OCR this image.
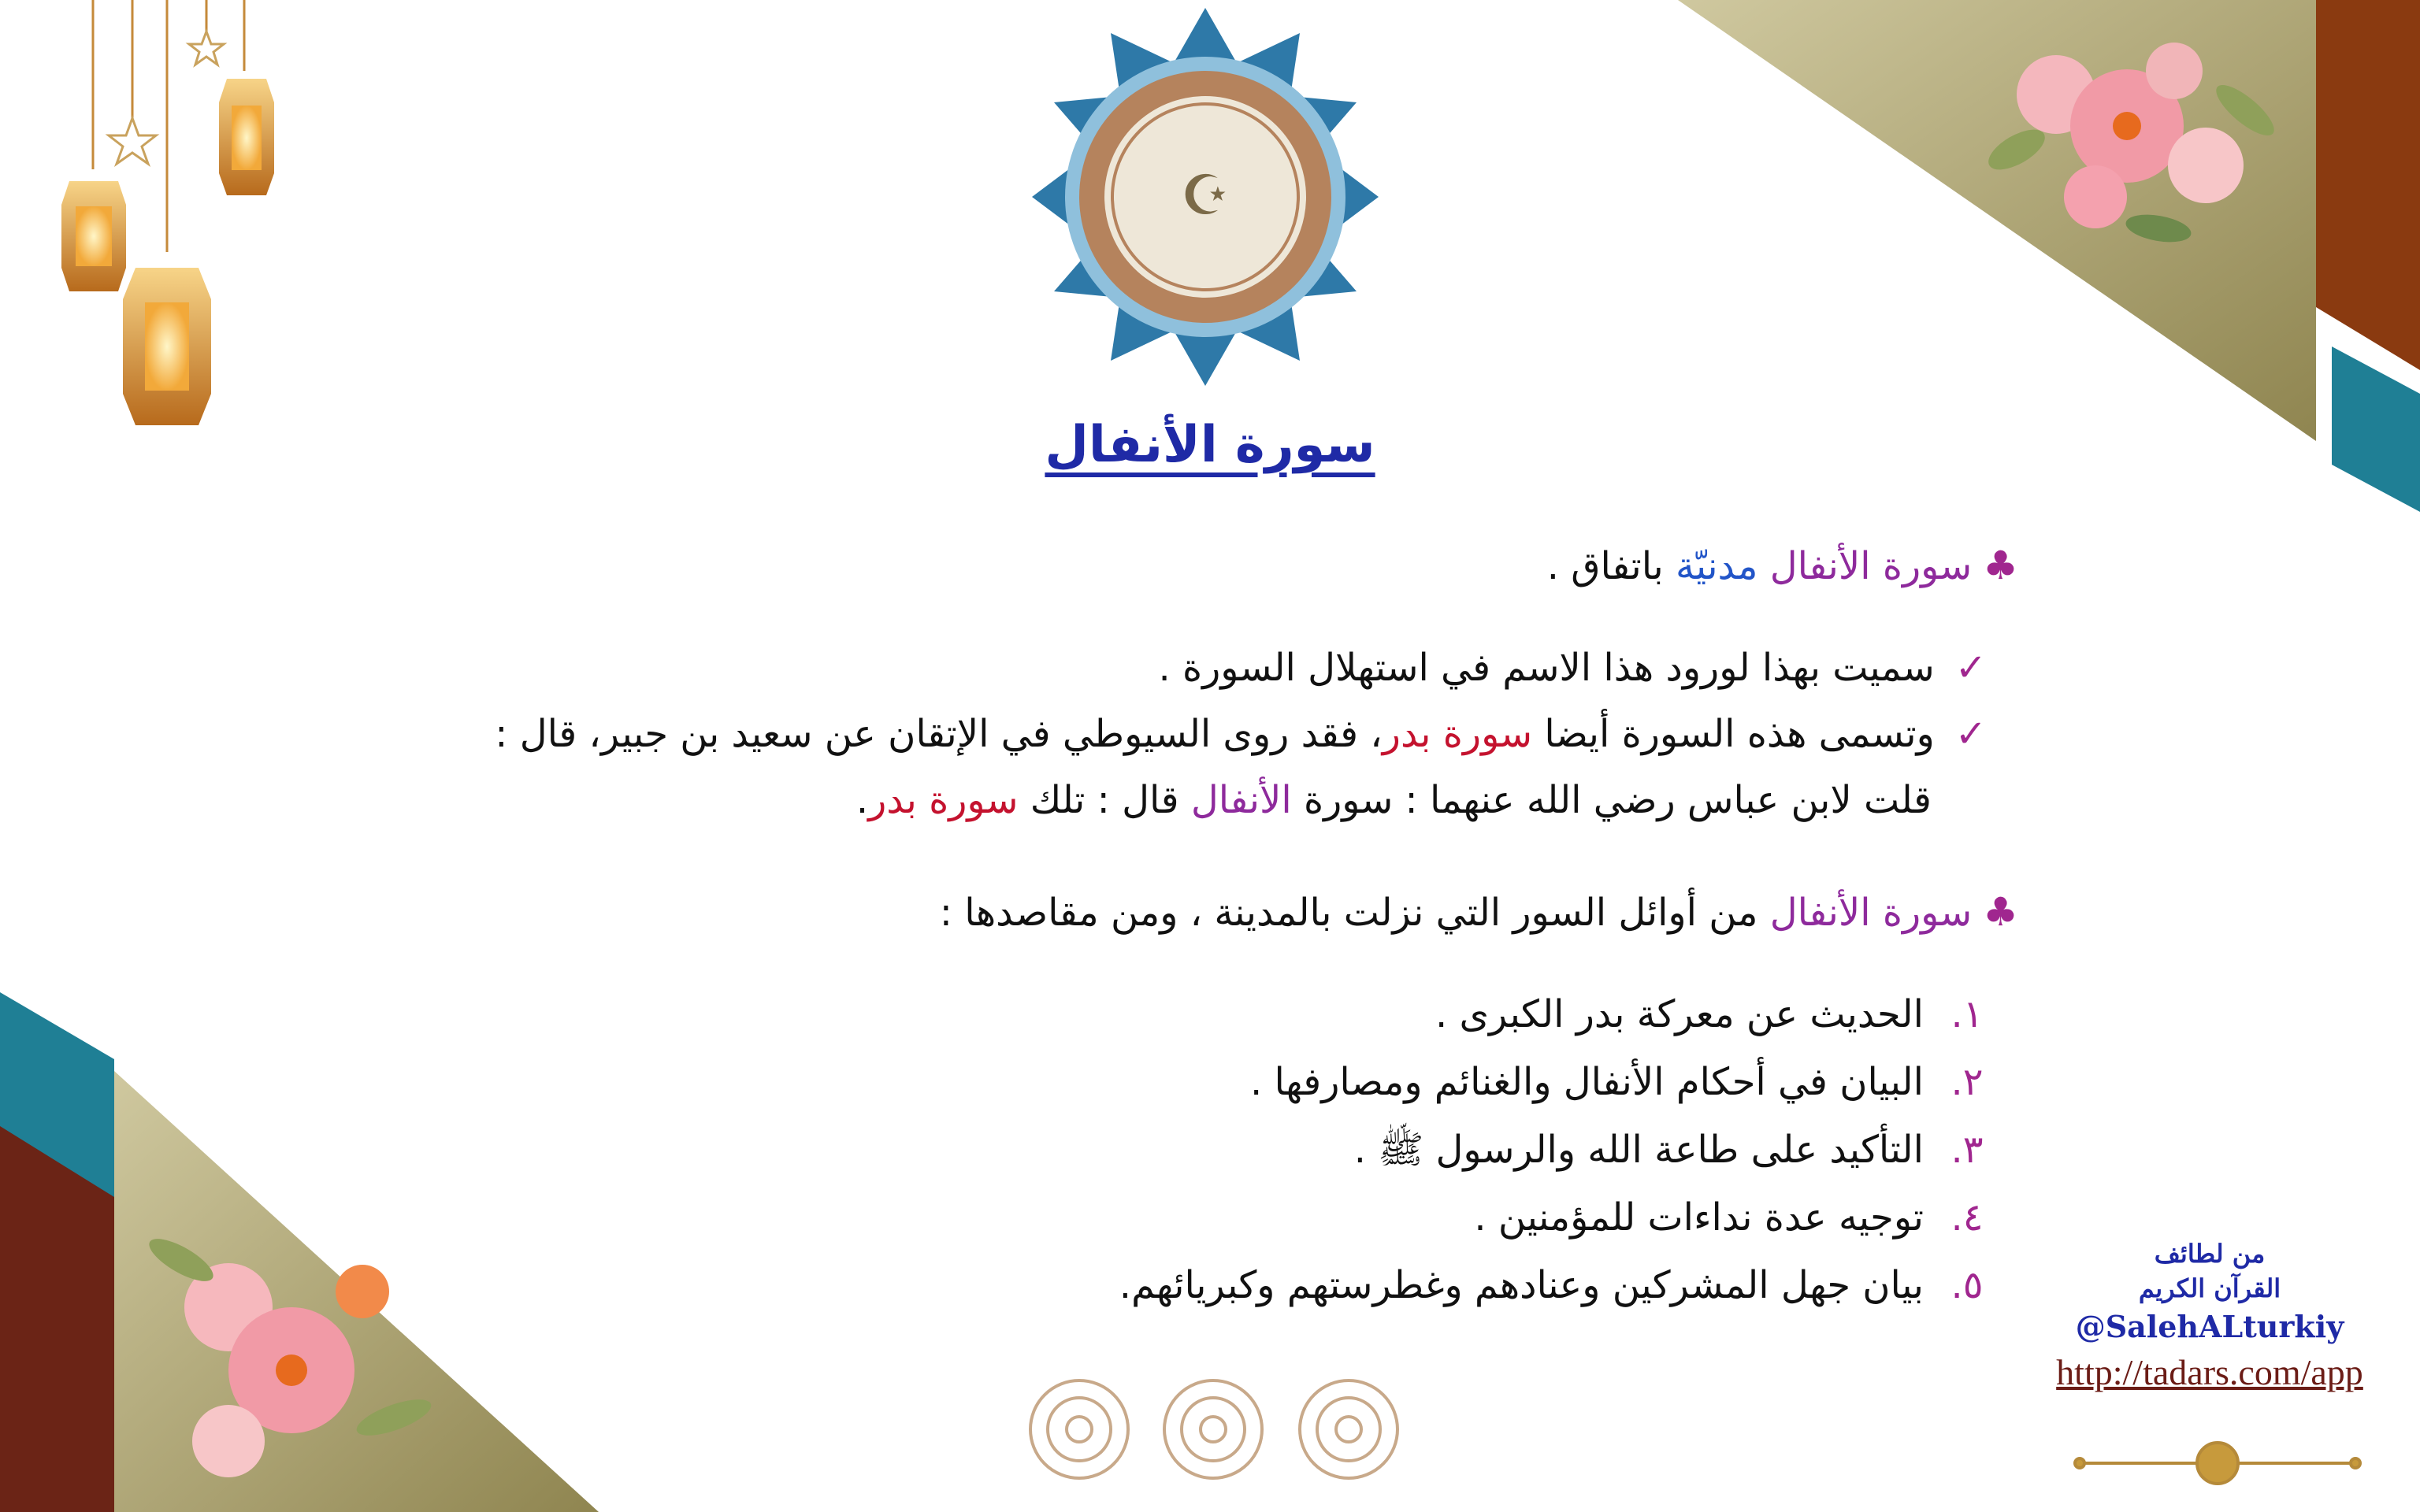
☪
سورة الأنفال
♣سورة الأنفال مدنيّة باتفاق .
✓سميت بهذا لورود هذا الاسم في استهلال السورة .
✓وتسمى هذه السورة أيضا سورة بدر، فقد روى السيوطي في الإتقان عن سعيد بن جبير، قال :
قلت لابن عباس رضي الله عنهما : سورة الأنفال قال : تلك سورة بدر.
♣سورة الأنفال من أوائل السور التي نزلت بالمدينة ، ومن مقاصدها :
١.الحديث عن معركة بدر الكبرى .
٢.البيان في أحكام الأنفال والغنائم ومصارفها .
٣.التأكيد على طاعة الله والرسول ﷺ .
٤.توجيه عدة نداءات للمؤمنين .
٥.بيان جهل المشركين وعنادهم وغطرستهم وكبريائهم.
من لطائف
القرآن الكريم
@SalehALturkiy
http://tadars.com/app
